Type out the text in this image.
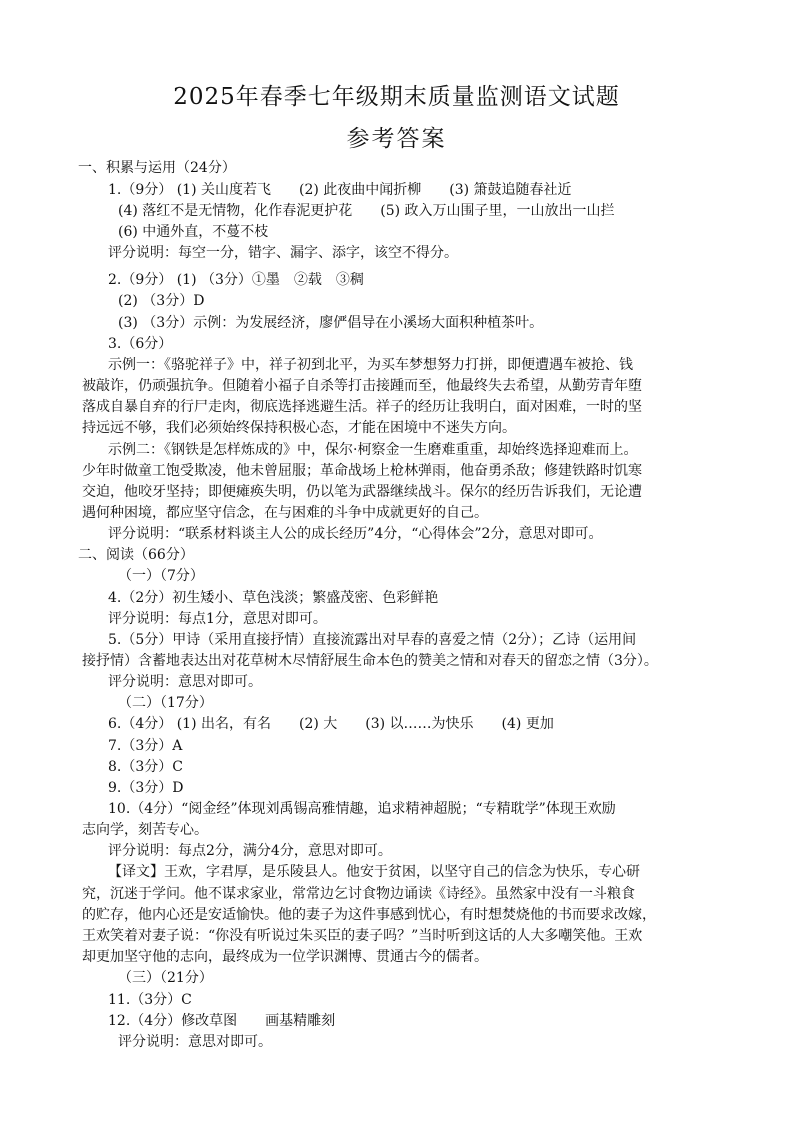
2025年春季七年级期末质量监测语文试题
参考答案
一、积累与运用（24分）
1.（9分） (1) 关山度若飞　　(2) 此夜曲中闻折柳　　(3) 箫鼓追随春社近
(4) 落红不是无情物，化作春泥更护花　　(5) 政入万山围子里，一山放出一山拦
(6) 中通外直，不蔓不枝
评分说明：每空一分，错字、漏字、添字，该空不得分。
2.（9分） (1) （3分）①墨　②载　③稠
(2) （3分）D
(3) （3分）示例：为发展经济，廖俨倡导在小溪场大面积种植茶叶。
3.（6分）
示例一：《骆驼祥子》中，祥子初到北平，为买车梦想努力打拼，即便遭遇车被抢、钱
被敲诈，仍顽强抗争。但随着小福子自杀等打击接踵而至，他最终失去希望，从勤劳青年堕
落成自暴自弃的行尸走肉，彻底选择逃避生活。祥子的经历让我明白，面对困难，一时的坚
持远远不够，我们必须始终保持积极心态，才能在困境中不迷失方向。
示例二：《钢铁是怎样炼成的》中，保尔·柯察金一生磨难重重，却始终选择迎难而上。
少年时做童工饱受欺凌，他未曾屈服；革命战场上枪林弹雨，他奋勇杀敌；修建铁路时饥寒
交迫，他咬牙坚持；即便瘫痪失明，仍以笔为武器继续战斗。保尔的经历告诉我们，无论遭
遇何种困境，都应坚守信念，在与困难的斗争中成就更好的自己。
评分说明：“联系材料谈主人公的成长经历”4分，“心得体会”2分，意思对即可。
二、阅读（66分）
（一）（7分）
4.（2分）初生矮小、草色浅淡；繁盛茂密、色彩鲜艳
评分说明：每点1分，意思对即可。
5.（5分）甲诗（采用直接抒情）直接流露出对早春的喜爱之情（2分）；乙诗（运用间
接抒情）含蓄地表达出对花草树木尽情舒展生命本色的赞美之情和对春天的留恋之情（3分）。
评分说明：意思对即可。
（二）（17分）
6.（4分） (1) 出名，有名　　(2) 大　　(3) 以……为快乐　　(4) 更加
7.（3分）A
8.（3分）C
9.（3分）D
10.（4分）“阅金经”体现刘禹锡高雅情趣，追求精神超脱；“专精耽学”体现王欢励
志向学，刻苦专心。
评分说明：每点2分，满分4分，意思对即可。
【译文】王欢，字君厚，是乐陵县人。他安于贫困，以坚守自己的信念为快乐，专心研
究，沉迷于学问。他不谋求家业，常常边乞讨食物边诵读《诗经》。虽然家中没有一斗粮食
的贮存，他内心还是安适愉快。他的妻子为这件事感到忧心，有时想焚烧他的书而要求改嫁，
王欢笑着对妻子说：“你没有听说过朱买臣的妻子吗？”当时听到这话的人大多嘲笑他。王欢
却更加坚守他的志向，最终成为一位学识渊博、贯通古今的儒者。
（三）（21分）
11.（3分）C
12.（4分）修改草图　　画基精雕刻
评分说明：意思对即可。
